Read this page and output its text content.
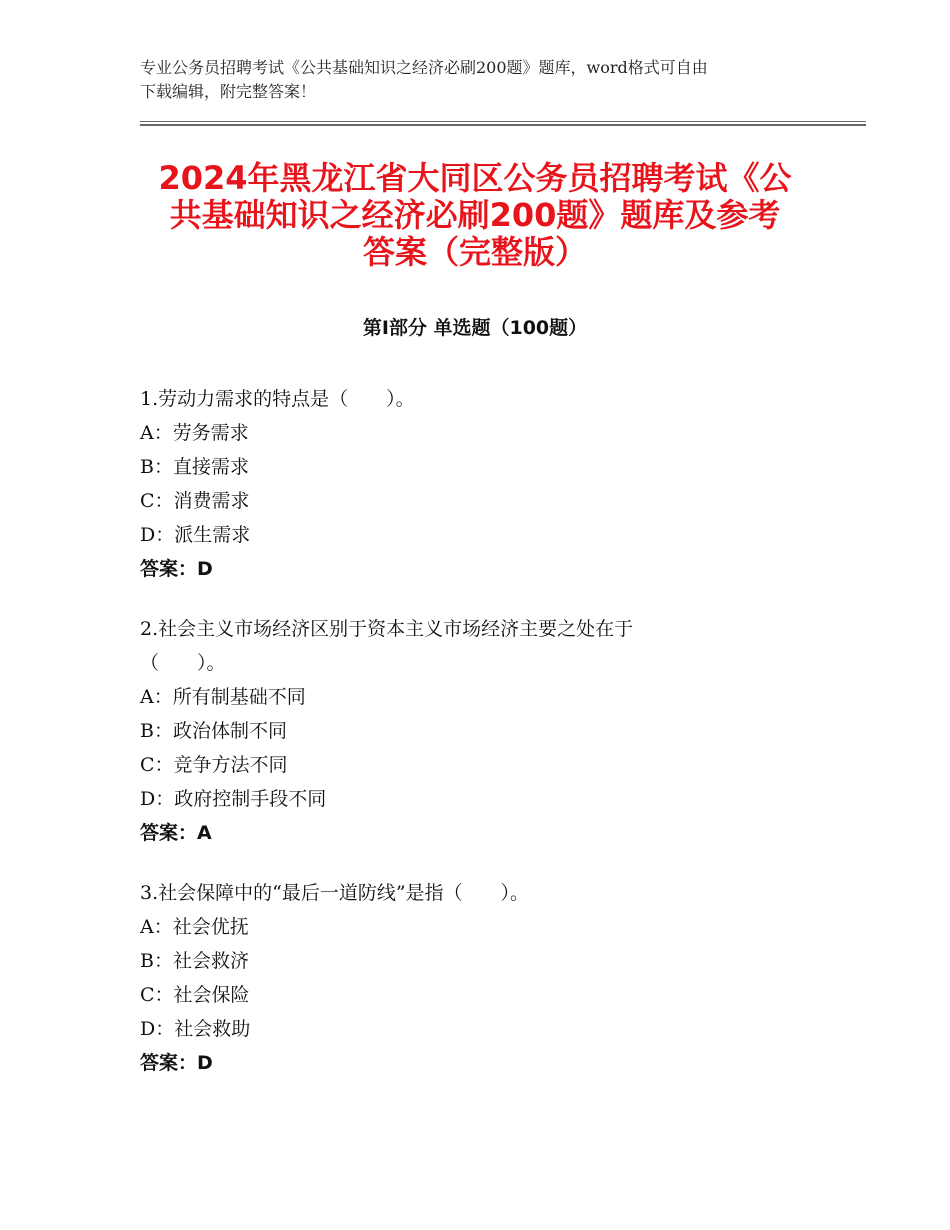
专业公务员招聘考试《公共基础知识之经济必刷200题》题库，word格式可自由
下载编辑，附完整答案！
2024年黑龙江省大同区公务员招聘考试《公
共基础知识之经济必刷200题》题库及参考
答案（完整版）
第Ⅰ部分 单选题（100题）
1.劳动力需求的特点是（　　）。
A：劳务需求
B：直接需求
C：消费需求
D：派生需求
答案：D
2.社会主义市场经济区别于资本主义市场经济主要之处在于
（　　）。
A：所有制基础不同
B：政治体制不同
C：竞争方法不同
D：政府控制手段不同
答案：A
3.社会保障中的“最后一道防线”是指（　　）。
A：社会优抚
B：社会救济
C：社会保险
D：社会救助
答案：D
